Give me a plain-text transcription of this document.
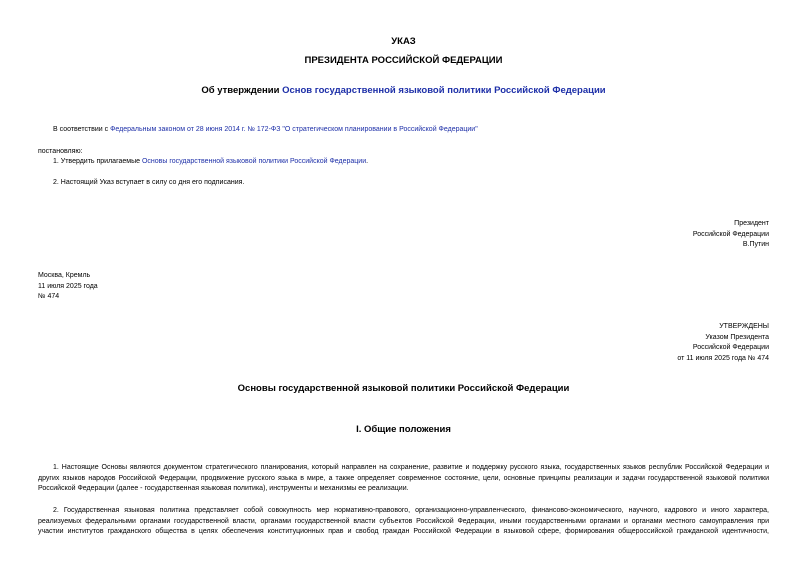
УКАЗ
ПРЕЗИДЕНТА РОССИЙСКОЙ ФЕДЕРАЦИИ
Об утверждении Основ государственной языковой политики Российской Федерации
В соответствии с Федеральным законом от 28 июня 2014 г. № 172-ФЗ "О стратегическом планировании в Российской Федерации"
постановляю:
1. Утвердить прилагаемые Основы государственной языковой политики Российской Федерации.
2. Настоящий Указ вступает в силу со дня его подписания.
Президент
Российской Федерации
В.Путин
Москва, Кремль
11 июля 2025 года
№ 474
УТВЕРЖДЕНЫ
Указом Президента
Российской Федерации
от 11 июля 2025 года № 474
Основы государственной языковой политики Российской Федерации
I. Общие положения
1. Настоящие Основы являются документом стратегического планирования, который направлен на сохранение, развитие и поддержку русского языка, государственных языков республик Российской Федерации и
других языков народов Российской Федерации, продвижение русского языка в мире, а также определяет современное состояние, цели, основные принципы реализации и задачи государственной языковой политики
Российской Федерации (далее - государственная языковая политика), инструменты и механизмы ее реализации.
2. Государственная языковая политика представляет собой совокупность мер нормативно-правового, организационно-управленческого, финансово-экономического, научного, кадрового и иного характера,
реализуемых федеральными органами государственной власти, органами государственной власти субъектов Российской Федерации, иными государственными органами и органами местного самоуправления при
участии институтов гражданского общества в целях обеспечения конституционных прав и свобод граждан Российской Федерации в языковой сфере, формирования общероссийской гражданской идентичности,
